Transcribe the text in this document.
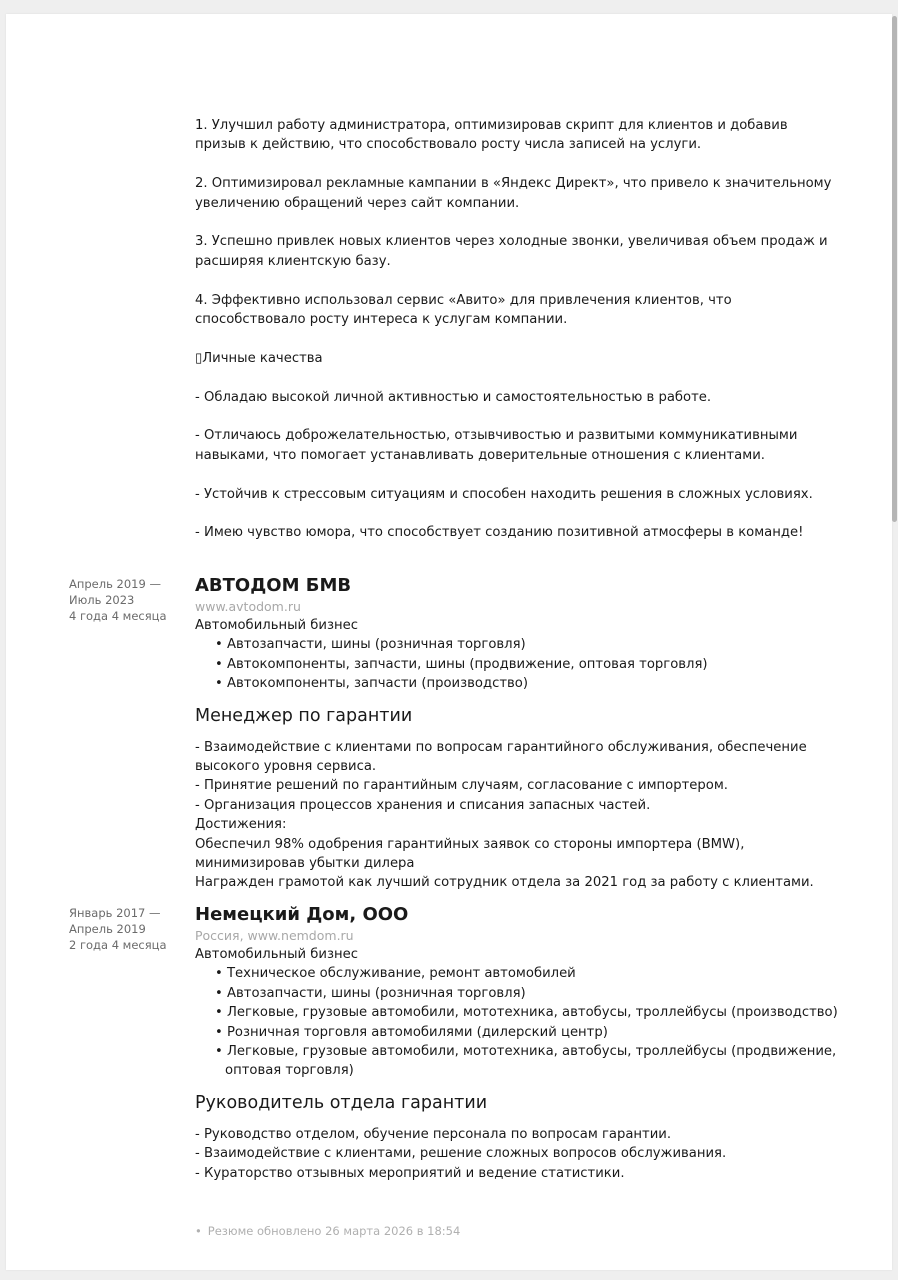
1. Улучшил работу администратора, оптимизировав скрипт для клиентов и добавив призыв к действию, что способствовало росту числа записей на услуги.

2. Оптимизировал рекламные кампании в «Яндекс Директ», что привело к значительному увеличению обращений через сайт компании.

3. Успешно привлек новых клиентов через холодные звонки, увеличивая объем продаж и расширяя клиентскую базу.

4. Эффективно использовал сервис «Авито» для привлечения клиентов, что способствовало росту интереса к услугам компании.

▯Личные качества

- Обладаю высокой личной активностью и самостоятельностью в работе.

- Отличаюсь доброжелательностью, отзывчивостью и развитыми коммуникативными навыками, что помогает устанавливать доверительные отношения с клиентами.

- Устойчив к стрессовым ситуациям и способен находить решения в сложных условиях.

- Имею чувство юмора, что способствует созданию позитивной атмосферы в команде!

Апрель 2019 —
Июль 2023
4 года 4 месяца
АВТОДОМ БМВ
www.avtodom.ru
Автомобильный бизнес
• Автозапчасти, шины (розничная торговля)
• Автокомпоненты, запчасти, шины (продвижение, оптовая торговля)
• Автокомпоненты, запчасти (производство)
Менеджер по гарантии
- Взаимодействие с клиентами по вопросам гарантийного обслуживания, обеспечение высокого уровня сервиса.
- Принятие решений по гарантийным случаям, согласование с импортером.
- Организация процессов хранения и списания запасных частей.
Достижения:
Обеспечил 98% одобрения гарантийных заявок со стороны импортера (BMW), минимизировав убытки дилера
Награжден грамотой как лучший сотрудник отдела за 2021 год за работу с клиентами.
Январь 2017 —
Апрель 2019
2 года 4 месяца
Немецкий Дом, ООО
Россия, www.nemdom.ru
Автомобильный бизнес
• Техническое обслуживание, ремонт автомобилей
• Автозапчасти, шины (розничная торговля)
• Легковые, грузовые автомобили, мототехника, автобусы, троллейбусы (производство)
• Розничная торговля автомобилями (дилерский центр)
• Легковые, грузовые автомобили, мототехника, автобусы, троллейбусы (продвижение, оптовая торговля)
Руководитель отдела гарантии
- Руководство отделом, обучение персонала по вопросам гарантии.
- Взаимодействие с клиентами, решение сложных вопросов обслуживания.
- Кураторство отзывных мероприятий и ведение статистики.
• Резюме обновлено 26 марта 2026 в 18:54
